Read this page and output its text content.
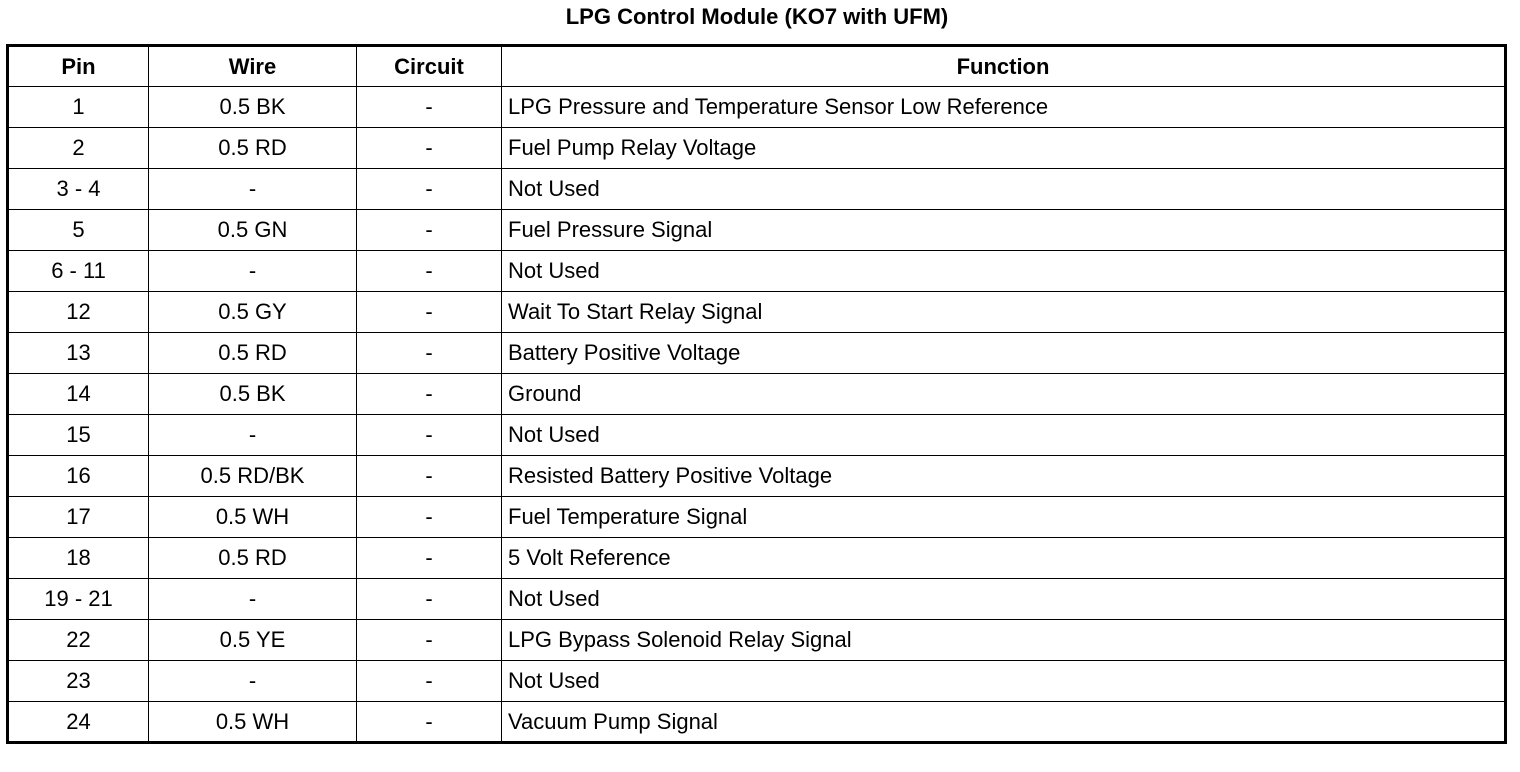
LPG Control Module (KO7 with UFM)
Pin	Wire	Circuit	Function
1	0.5 BK	-	LPG Pressure and Temperature Sensor Low Reference
2	0.5 RD	-	Fuel Pump Relay Voltage
3 - 4	-	-	Not Used
5	0.5 GN	-	Fuel Pressure Signal
6 - 11	-	-	Not Used
12	0.5 GY	-	Wait To Start Relay Signal
13	0.5 RD	-	Battery Positive Voltage
14	0.5 BK	-	Ground
15	-	-	Not Used
16	0.5 RD/BK	-	Resisted Battery Positive Voltage
17	0.5 WH	-	Fuel Temperature Signal
18	0.5 RD	-	5 Volt Reference
19 - 21	-	-	Not Used
22	0.5 YE	-	LPG Bypass Solenoid Relay Signal
23	-	-	Not Used
24	0.5 WH	-	Vacuum Pump Signal
